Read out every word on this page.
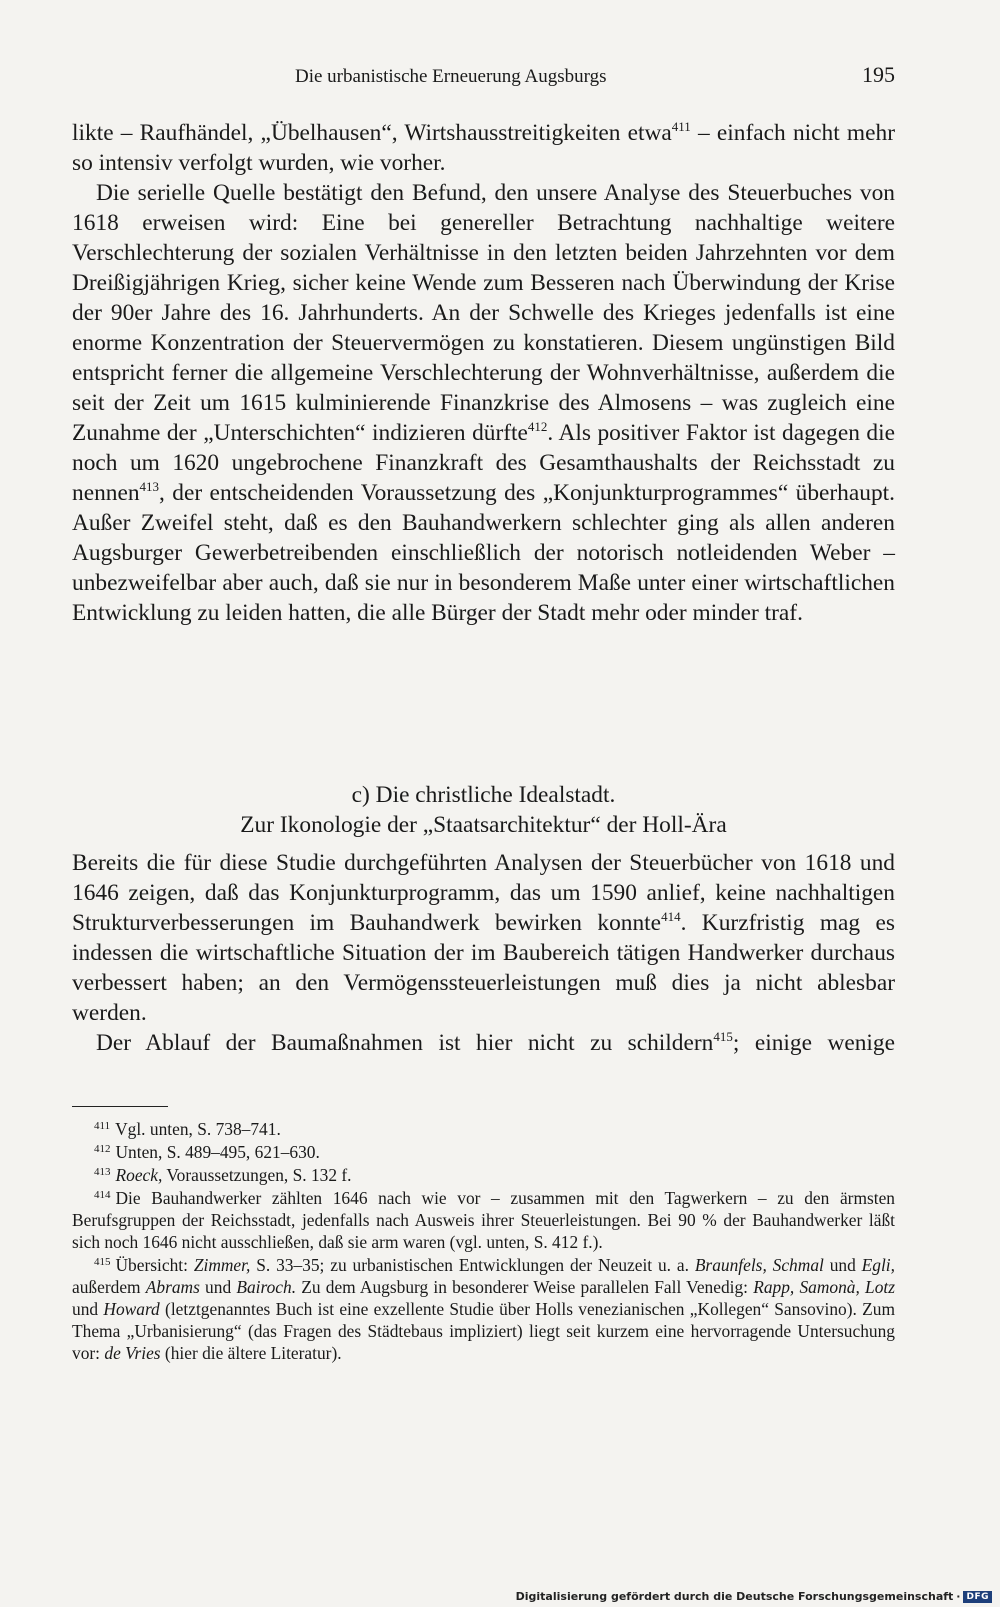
Die urbanistische Erneuerung Augsburgs	195

likte – Raufhändel, „Übelhausen“, Wirtshausstreitigkeiten etwa$^{411}$ – einfach nicht mehr so intensiv verfolgt wurden, wie vorher.

Die serielle Quelle bestätigt den Befund, den unsere Analyse des Steuerbuches von 1618 erweisen wird: Eine bei genereller Betrachtung nachhaltige weitere Verschlechterung der sozialen Verhältnisse in den letzten beiden Jahrzehnten vor dem Dreißigjährigen Krieg, sicher keine Wende zum Besseren nach Überwindung der Krise der 90er Jahre des 16. Jahrhunderts. An der Schwelle des Krieges jedenfalls ist eine enorme Konzentration der Steuervermögen zu konstatieren. Diesem ungünstigen Bild entspricht ferner die allgemeine Verschlechterung der Wohnverhältnisse, außerdem die seit der Zeit um 1615 kulminierende Finanzkrise des Almosens – was zugleich eine Zunahme der „Unterschichten“ indizieren dürfte$^{412}$. Als positiver Faktor ist dagegen die noch um 1620 ungebrochene Finanzkraft des Gesamthaushalts der Reichsstadt zu nennen$^{413}$, der entscheidenden Voraussetzung des „Konjunkturprogrammes“ überhaupt. Außer Zweifel steht, daß es den Bauhandwerkern schlechter ging als allen anderen Augsburger Gewerbetreibenden einschließlich der notorisch notleidenden Weber – unbezweifelbar aber auch, daß sie nur in besonderem Maße unter einer wirtschaftlichen Entwicklung zu leiden hatten, die alle Bürger der Stadt mehr oder minder traf.

c) Die christliche Idealstadt.
Zur Ikonologie der „Staatsarchitektur“ der Holl-Ära

Bereits die für diese Studie durchgeführten Analysen der Steuerbücher von 1618 und 1646 zeigen, daß das Konjunkturprogramm, das um 1590 anlief, keine nachhaltigen Strukturverbesserungen im Bauhandwerk bewirken konnte$^{414}$. Kurzfristig mag es indessen die wirtschaftliche Situation der im Baubereich tätigen Handwerker durchaus verbessert haben; an den Vermögenssteuerleistungen muß dies ja nicht ablesbar werden.

Der Ablauf der Baumaßnahmen ist hier nicht zu schildern$^{415}$; einige wenige

$^{411}$ Vgl. unten, S. 738–741.

$^{412}$ Unten, S. 489–495, 621–630.

$^{413}$ Roeck, Voraussetzungen, S. 132 f.

$^{414}$ Die Bauhandwerker zählten 1646 nach wie vor – zusammen mit den Tagwerkern – zu den ärmsten Berufsgruppen der Reichsstadt, jedenfalls nach Ausweis ihrer Steuerleistungen. Bei 90 % der Bauhandwerker läßt sich noch 1646 nicht ausschließen, daß sie arm waren (vgl. unten, S. 412 f.).

$^{415}$ Übersicht: Zimmer, S. 33–35; zu urbanistischen Entwicklungen der Neuzeit u. a. Braunfels, Schmal und Egli, außerdem Abrams und Bairoch. Zu dem Augsburg in besonderer Weise parallelen Fall Venedig: Rapp, Samonà, Lotz und Howard (letztgenanntes Buch ist eine exzellente Studie über Holls venezianischen „Kollegen“ Sansovino). Zum Thema „Urbanisierung“ (das Fragen des Städtebaus impliziert) liegt seit kurzem eine hervorragende Untersuchung vor: de Vries (hier die ältere Literatur).

Digitalisierung gefördert durch die Deutsche Forschungsgemeinschaft · DFG
